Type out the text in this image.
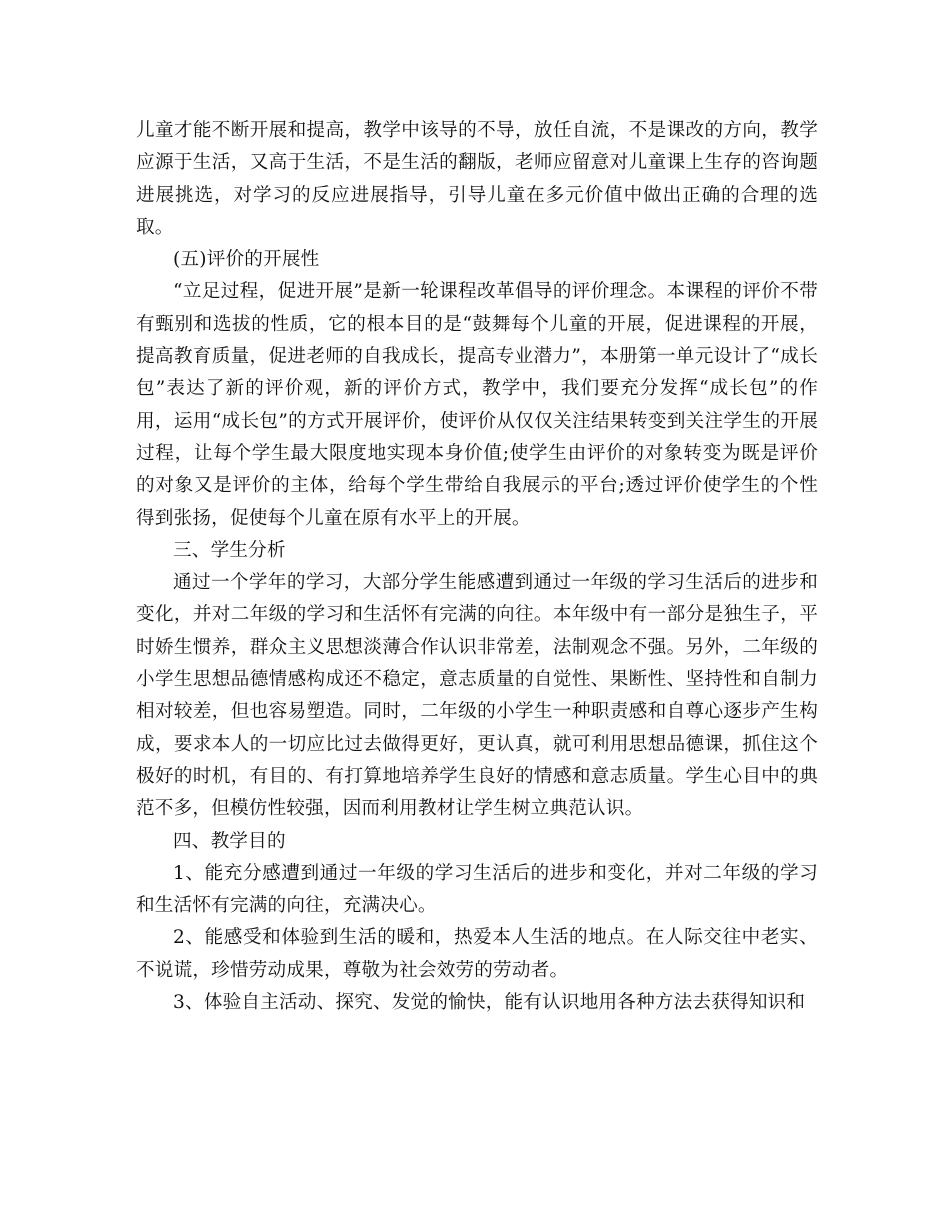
儿童才能不断开展和提高，教学中该导的不导，放任自流，不是课改的方向，教学应源于生活，又高于生活，不是生活的翻版，老师应留意对儿童课上生存的咨询题进展挑选，对学习的反应进展指导，引导儿童在多元价值中做出正确的合理的选取。

(五)评价的开展性

“立足过程，促进开展”是新一轮课程改革倡导的评价理念。本课程的评价不带有甄别和选拔的性质，它的根本目的是“鼓舞每个儿童的开展，促进课程的开展，提高教育质量，促进老师的自我成长，提高专业潜力”，本册第一单元设计了“成长包”表达了新的评价观，新的评价方式，教学中，我们要充分发挥“成长包”的作用，运用“成长包”的方式开展评价，使评价从仅仅关注结果转变到关注学生的开展过程，让每个学生最大限度地实现本身价值;使学生由评价的对象转变为既是评价的对象又是评价的主体，给每个学生带给自我展示的平台;透过评价使学生的个性得到张扬，促使每个儿童在原有水平上的开展。

三、学生分析

通过一个学年的学习，大部分学生能感遭到通过一年级的学习生活后的进步和变化，并对二年级的学习和生活怀有完满的向往。本年级中有一部分是独生子，平时娇生惯养，群众主义思想淡薄合作认识非常差，法制观念不强。另外，二年级的小学生思想品德情感构成还不稳定，意志质量的自觉性、果断性、坚持性和自制力相对较差，但也容易塑造。同时，二年级的小学生一种职责感和自尊心逐步产生构成，要求本人的一切应比过去做得更好，更认真，就可利用思想品德课，抓住这个极好的时机，有目的、有打算地培养学生良好的情感和意志质量。学生心目中的典范不多，但模仿性较强，因而利用教材让学生树立典范认识。

四、教学目的

1、能充分感遭到通过一年级的学习生活后的进步和变化，并对二年级的学习和生活怀有完满的向往，充满决心。

2、能感受和体验到生活的暖和，热爱本人生活的地点。在人际交往中老实、不说谎，珍惜劳动成果，尊敬为社会效劳的劳动者。

3、体验自主活动、探究、发觉的愉快，能有认识地用各种方法去获得知识和
